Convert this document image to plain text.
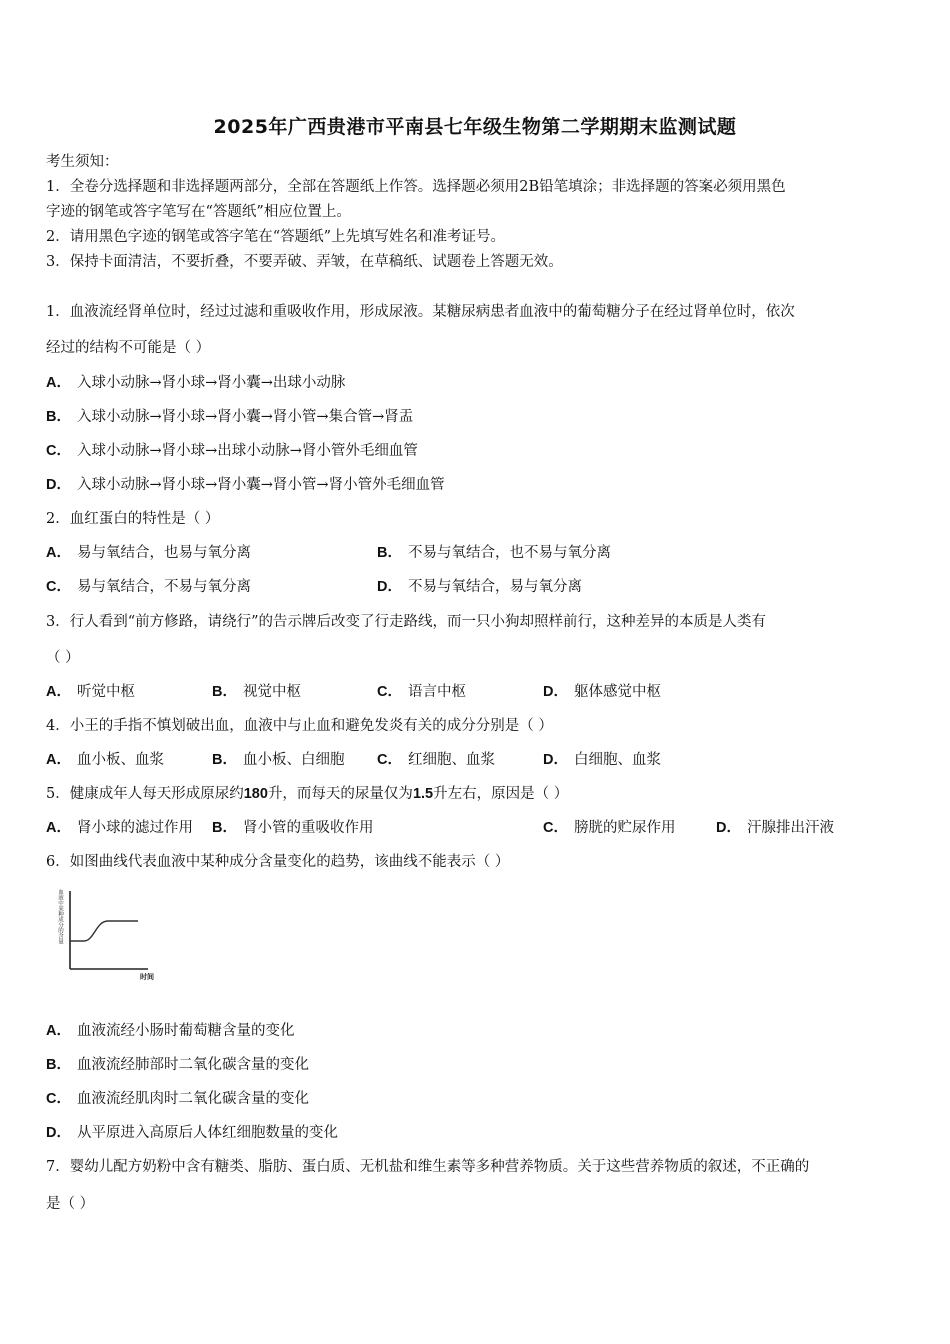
2025年广西贵港市平南县七年级生物第二学期期末监测试题
考生须知：
1．全卷分选择题和非选择题两部分，全部在答题纸上作答。选择题必须用2B铅笔填涂；非选择题的答案必须用黑色
字迹的钢笔或答字笔写在“答题纸”相应位置上。
2．请用黑色字迹的钢笔或答字笔在“答题纸”上先填写姓名和准考证号。
3．保持卡面清洁，不要折叠，不要弄破、弄皱，在草稿纸、试题卷上答题无效。
1．血液流经肾单位时，经过过滤和重吸收作用，形成尿液。某糖尿病患者血液中的葡萄糖分子在经过肾单位时，依次
经过的结构不可能是（ ）
A． 入球小动脉→肾小球→肾小囊→出球小动脉
B． 入球小动脉→肾小球→肾小囊→肾小管→集合管→肾盂
C． 入球小动脉→肾小球→出球小动脉→肾小管外毛细血管
D． 入球小动脉→肾小球→肾小囊→肾小管→肾小管外毛细血管
2．血红蛋白的特性是（ ）
A． 易与氧结合，也易与氧分离	B． 不易与氧结合，也不易与氧分离
C． 易与氧结合，不易与氧分离	D． 不易与氧结合，易与氧分离
3．行人看到“前方修路，请绕行”的告示牌后改变了行走路线，而一只小狗却照样前行，这种差异的本质是人类有
（ ）
A． 听觉中枢	B． 视觉中枢	C． 语言中枢	D． 躯体感觉中枢
4．小王的手指不慎划破出血，血液中与止血和避免发炎有关的成分分别是（ ）
A． 血小板、血浆	B． 血小板、白细胞 C． 红细胞、血浆	D． 白细胞、血浆
5．健康成年人每天形成原尿约180升，而每天的尿量仅为1.5升左右，原因是（ ）
A． 肾小球的滤过作用 B． 肾小管的重吸收作用	C． 膀胱的贮尿作用	D． 汗腺排出汗液
6．如图曲线代表血液中某种成分含量变化的趋势，该曲线不能表示（ ）
血液中某种成分的含量
时间
A． 血液流经小肠时葡萄糖含量的变化
B． 血液流经肺部时二氧化碳含量的变化
C． 血液流经肌肉时二氧化碳含量的变化
D． 从平原进入高原后人体红细胞数量的变化
7．婴幼儿配方奶粉中含有糖类、脂肪、蛋白质、无机盐和维生素等多种营养物质。关于这些营养物质的叙述，不正确的
是（ ）
